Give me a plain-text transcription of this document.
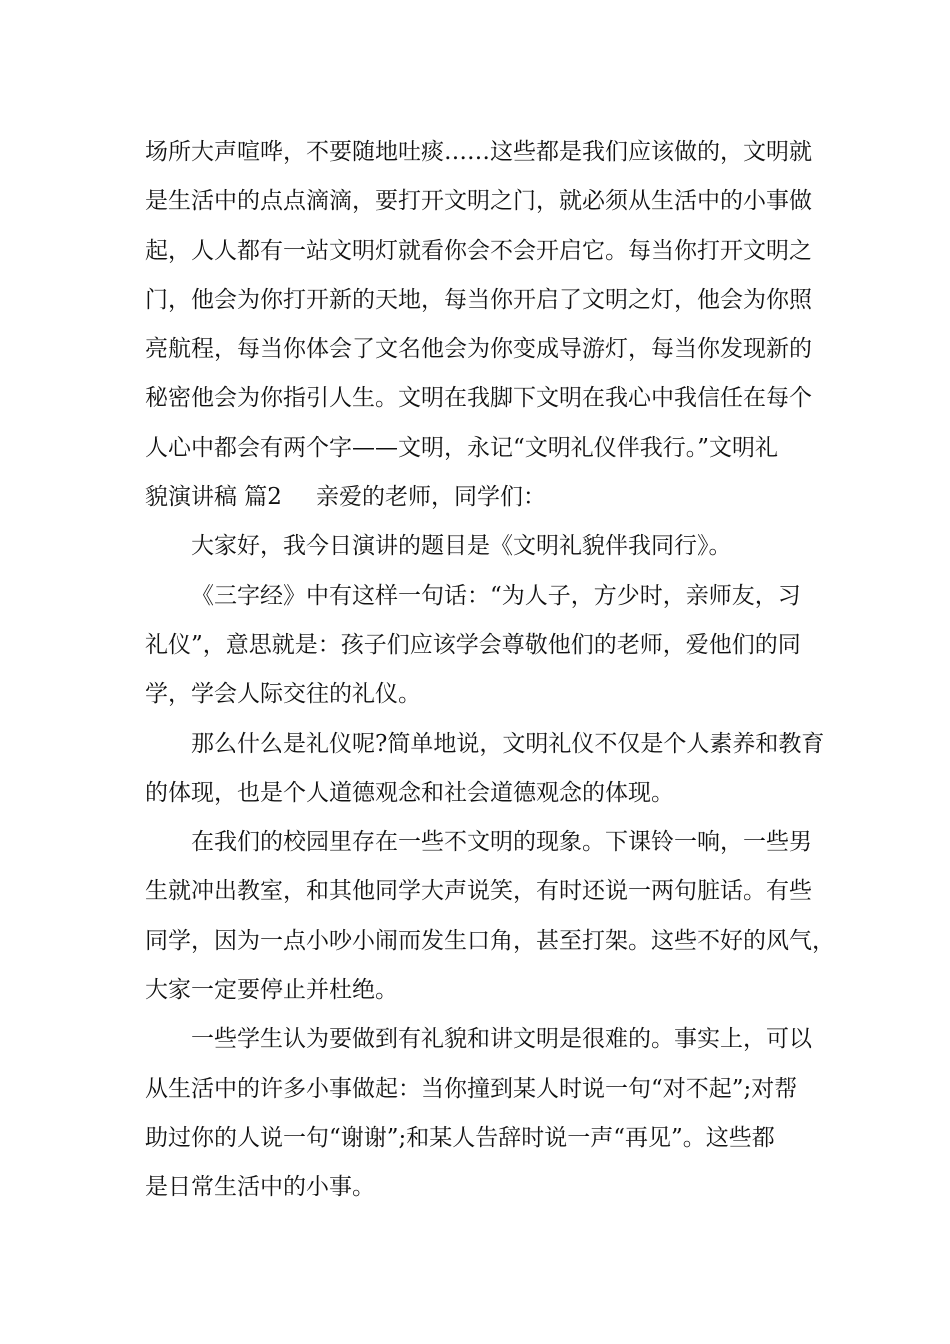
场所大声喧哗，不要随地吐痰……这些都是我们应该做的，文明就
是生活中的点点滴滴，要打开文明之门，就必须从生活中的小事做
起，人人都有一站文明灯就看你会不会开启它。每当你打开文明之
门，他会为你打开新的天地，每当你开启了文明之灯，他会为你照
亮航程，每当你体会了文名他会为你变成导游灯，每当你发现新的
秘密他会为你指引人生。文明在我脚下文明在我心中我信任在每个
人心中都会有两个字——文明，永记“文明礼仪伴我行。”文明礼
貌演讲稿 篇2 亲爱的老师，同学们：
大家好，我今日演讲的题目是《文明礼貌伴我同行》。
《三字经》中有这样一句话：“为人子，方少时，亲师友，习
礼仪”，意思就是：孩子们应该学会尊敬他们的老师，爱他们的同
学，学会人际交往的礼仪。
那么什么是礼仪呢?简单地说，文明礼仪不仅是个人素养和教育
的体现，也是个人道德观念和社会道德观念的体现。
在我们的校园里存在一些不文明的现象。下课铃一响，一些男
生就冲出教室，和其他同学大声说笑，有时还说一两句脏话。有些
同学，因为一点小吵小闹而发生口角，甚至打架。这些不好的风气，
大家一定要停止并杜绝。
一些学生认为要做到有礼貌和讲文明是很难的。事实上，可以
从生活中的许多小事做起：当你撞到某人时说一句“对不起”;对帮
助过你的人说一句“谢谢”;和某人告辞时说一声“再见”。这些都
是日常生活中的小事。
